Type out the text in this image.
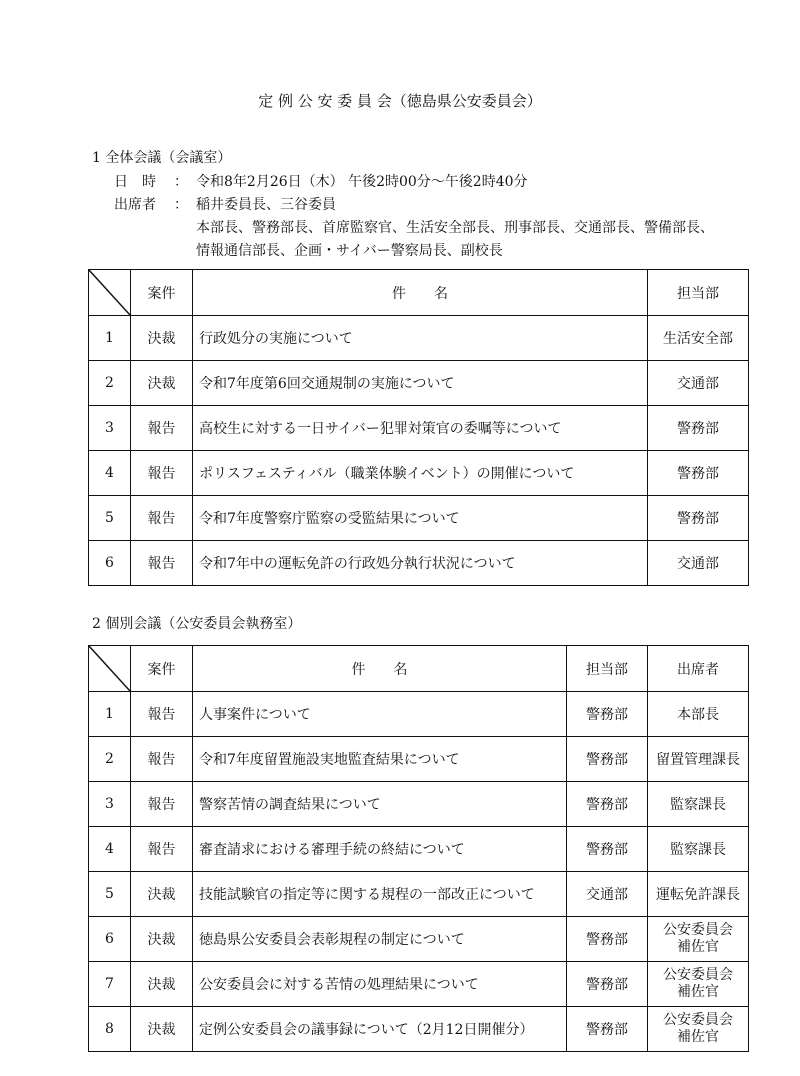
定 例 公 安 委 員 会（徳島県公安委員会）
1 全体会議（会議室）
日　時 ： 令和8年2月26日（木） 午後2時00分～午後2時40分
出席者 ： 稲井委員長、三谷委員
本部長、警務部長、首席監察官、生活安全部長、刑事部長、交通部長、警備部長、
情報通信部長、企画・サイバー警察局長、副校長
	案件	件　　名	担当部
1	決裁	行政処分の実施について	生活安全部
2	決裁	令和7年度第6回交通規制の実施について	交通部
3	報告	高校生に対する一日サイバー犯罪対策官の委嘱等について	警務部
4	報告	ポリスフェスティバル（職業体験イベント）の開催について	警務部
5	報告	令和7年度警察庁監察の受監結果について	警務部
6	報告	令和7年中の運転免許の行政処分執行状況について	交通部
2 個別会議（公安委員会執務室）
	案件	件　　名	担当部	出席者
1	報告	人事案件について	警務部	本部長
2	報告	令和7年度留置施設実地監査結果について	警務部	留置管理課長
3	報告	警察苦情の調査結果について	警務部	監察課長
4	報告	審査請求における審理手続の終結について	警務部	監察課長
5	決裁	技能試験官の指定等に関する規程の一部改正について	交通部	運転免許課長
6	決裁	徳島県公安委員会表彰規程の制定について	警務部	公安委員会
補佐官

7	決裁	公安委員会に対する苦情の処理結果について	警務部	公安委員会
補佐官

8	決裁	定例公安委員会の議事録について（2月12日開催分）	警務部	公安委員会
補佐官
